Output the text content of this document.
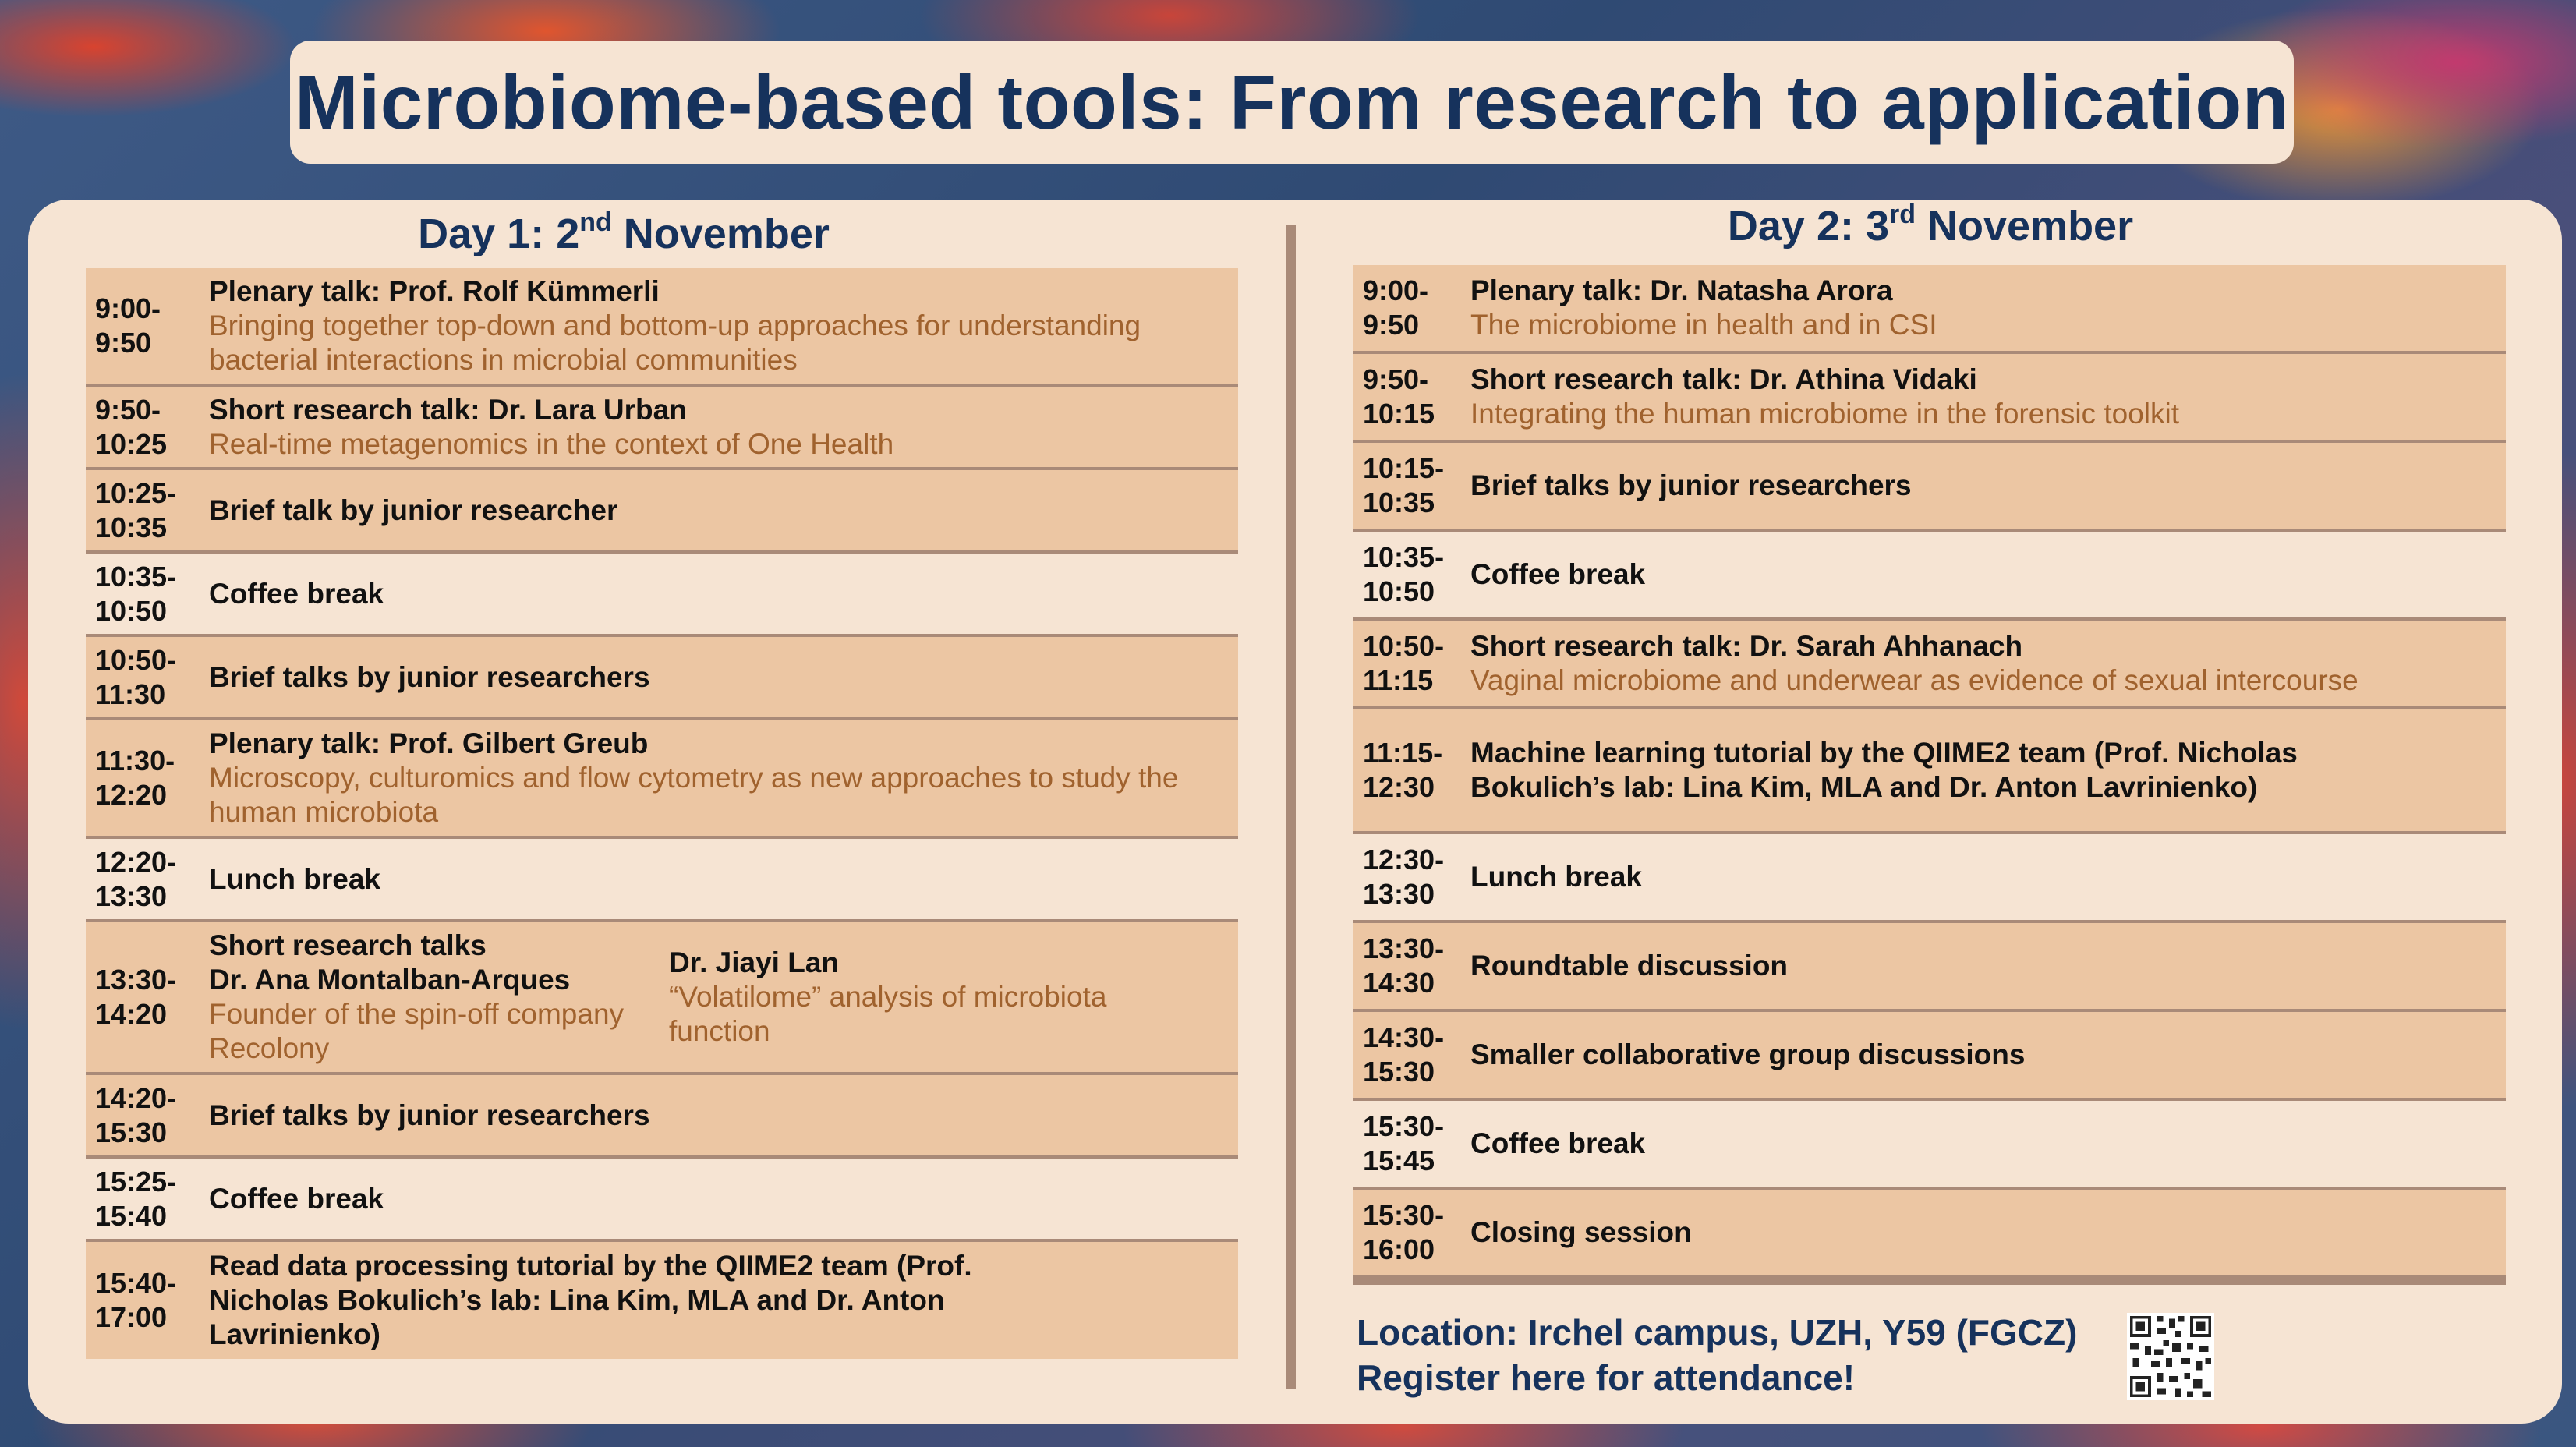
Microbiome-based tools: From research to application
Day 1: 2nd November	Day 2: 3rd November
9:00-
9:50
Plenary talk: Prof. Rolf Kümmerli
Bringing together top-down and bottom-up approaches for understanding bacterial interactions in microbial communities
9:50-
10:25
Short research talk: Dr. Lara Urban
Real-time metagenomics in the context of One Health
10:25-
10:35
Brief talk by junior researcher
10:35-
10:50
Coffee break
10:50-
11:30
Brief talks by junior researchers
11:30-
12:20
Plenary talk: Prof. Gilbert Greub
Microscopy, culturomics and flow cytometry as new approaches to study the human microbiota
12:20-
13:30
Lunch break
13:30-
14:20
Short research talks
Dr. Ana Montalban-Arques
Founder of the spin-off company Recolony
Dr. Jiayi Lan
“Volatilome” analysis of microbiota function
14:20-
15:30
Brief talks by junior researchers
15:25-
15:40
Coffee break
15:40-
17:00
Read data processing tutorial by the QIIME2 team (Prof. Nicholas Bokulich’s lab: Lina Kim, MLA and Dr. Anton Lavrinienko)
9:00-
9:50
Plenary talk: Dr. Natasha Arora
The microbiome in health and in CSI
9:50-
10:15
Short research talk: Dr. Athina Vidaki
Integrating the human microbiome in the forensic toolkit
10:15-
10:35
Brief talks by junior researchers
10:35-
10:50
Coffee break
10:50-
11:15
Short research talk: Dr. Sarah Ahhanach
Vaginal microbiome and underwear as evidence of sexual intercourse
11:15-
12:30
Machine learning tutorial by the QIIME2 team (Prof. Nicholas Bokulich’s lab: Lina Kim, MLA and Dr. Anton Lavrinienko)
12:30-
13:30
Lunch break
13:30-
14:30
Roundtable discussion
14:30-
15:30
Smaller collaborative group discussions
15:30-
15:45
Coffee break
15:30-
16:00
Closing session
Location: Irchel campus, UZH, Y59 (FGCZ)
Register here for attendance!
